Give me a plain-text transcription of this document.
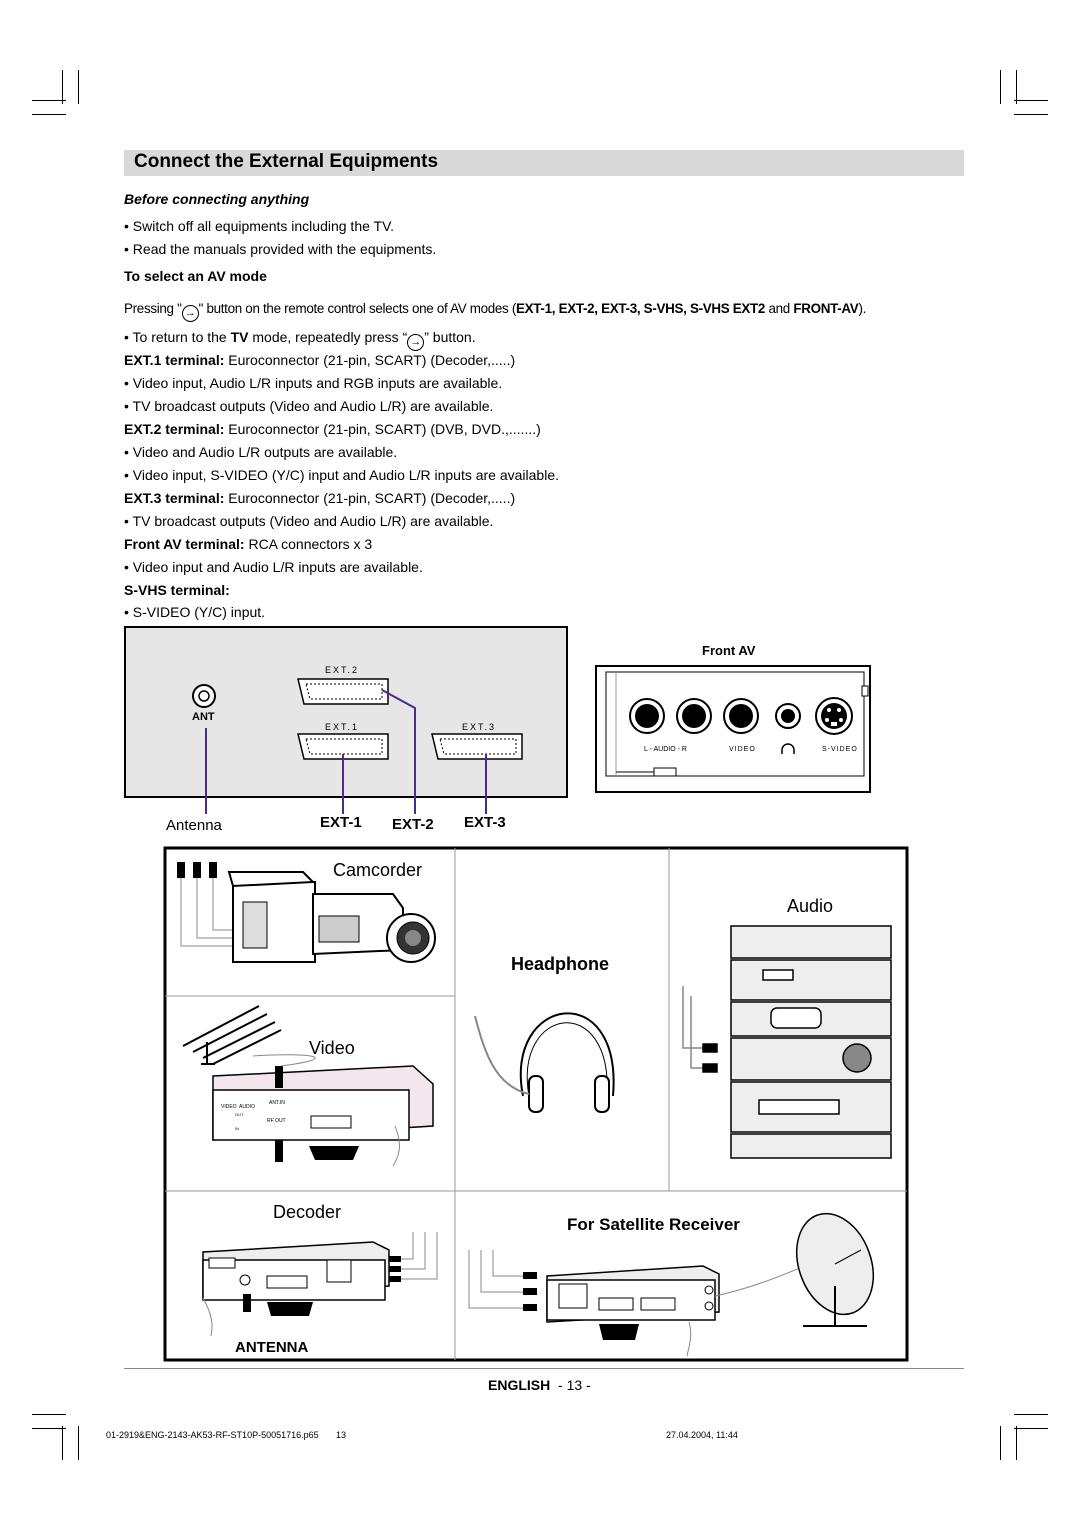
Connect the External Equipments
Before connecting anything
• Switch off all equipments including the TV.
• Read the manuals provided with the equipments.
To select an AV mode
Pressing " → " button on the remote control selects one of AV modes (EXT-1, EXT-2, EXT-3, S-VHS, S-VHS EXT2 and FRONT-AV).
• To return to the TV mode, repeatedly press “ → ” button.
EXT.1 terminal: Euroconnector (21-pin, SCART) (Decoder,.....)
• Video input, Audio L/R inputs and RGB inputs are available.
• TV broadcast outputs (Video and Audio L/R) are available.
EXT.2 terminal: Euroconnector (21-pin, SCART) (DVB, DVD.,.......)
• Video and Audio L/R outputs are available.
• Video input, S-VIDEO (Y/C) input and Audio L/R inputs are available.
EXT.3 terminal: Euroconnector (21-pin, SCART) (Decoder,.....)
• TV broadcast outputs (Video and Audio L/R) are available.
Front AV terminal: RCA connectors x 3
• Video input and Audio L/R inputs are available.
S-VHS terminal:
• S-VIDEO (Y/C) input.
EXT.2
EXT.1	EXT.3
ANT
Antenna	EXT-1 EXT-2 EXT-3
Front AV
L - AUDIO - R	VIDEO	S-VIDEO
Camcorder
Headphone
Audio
Video
VIDEO AUDIO
ANT.IN
RF OUT
OUT
IN
Decoder
ANTENNA
For Satellite Receiver
ENGLISH - 13 -
01-2919&ENG-2143-AK53-RF-ST10P-50051716.p65 13	27.04.2004, 11:44
